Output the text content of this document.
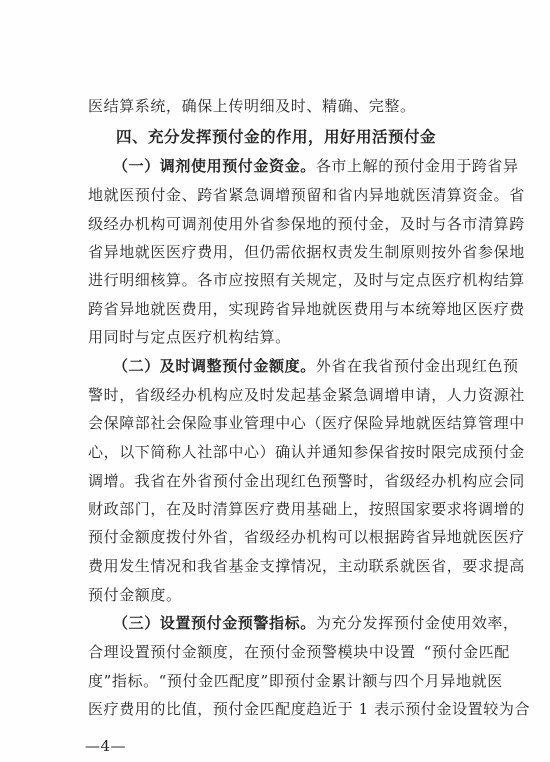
医结算系统，确保上传明细及时、精确、完整。
四、充分发挥预付金的作用，用好用活预付金
（一）调剂使用预付金资金。各市上解的预付金用于跨省异
地就医预付金、跨省紧急调增预留和省内异地就医清算资金。省
级经办机构可调剂使用外省参保地的预付金，及时与各市清算跨
省异地就医医疗费用，但仍需依据权责发生制原则按外省参保地
进行明细核算。各市应按照有关规定，及时与定点医疗机构结算
跨省异地就医费用，实现跨省异地就医费用与本统筹地区医疗费
用同时与定点医疗机构结算。
（二）及时调整预付金额度。外省在我省预付金出现红色预
警时，省级经办机构应及时发起基金紧急调增申请，人力资源社
会保障部社会保险事业管理中心（医疗保险异地就医结算管理中
心，以下简称人社部中心）确认并通知参保省按时限完成预付金
调增。我省在外省预付金出现红色预警时，省级经办机构应会同
财政部门，在及时清算医疗费用基础上，按照国家要求将调增的
预付金额度拨付外省，省级经办机构可以根据跨省异地就医医疗
费用发生情况和我省基金支撑情况，主动联系就医省，要求提高
预付金额度。
（三）设置预付金预警指标。为充分发挥预付金使用效率，
合理设置预付金额度，在预付金预警模块中设置 “预付金匹配
度”指标。“预付金匹配度”即预付金累计额与四个月异地就医
医疗费用的比值，预付金匹配度趋近于 1 表示预付金设置较为合
—4—
